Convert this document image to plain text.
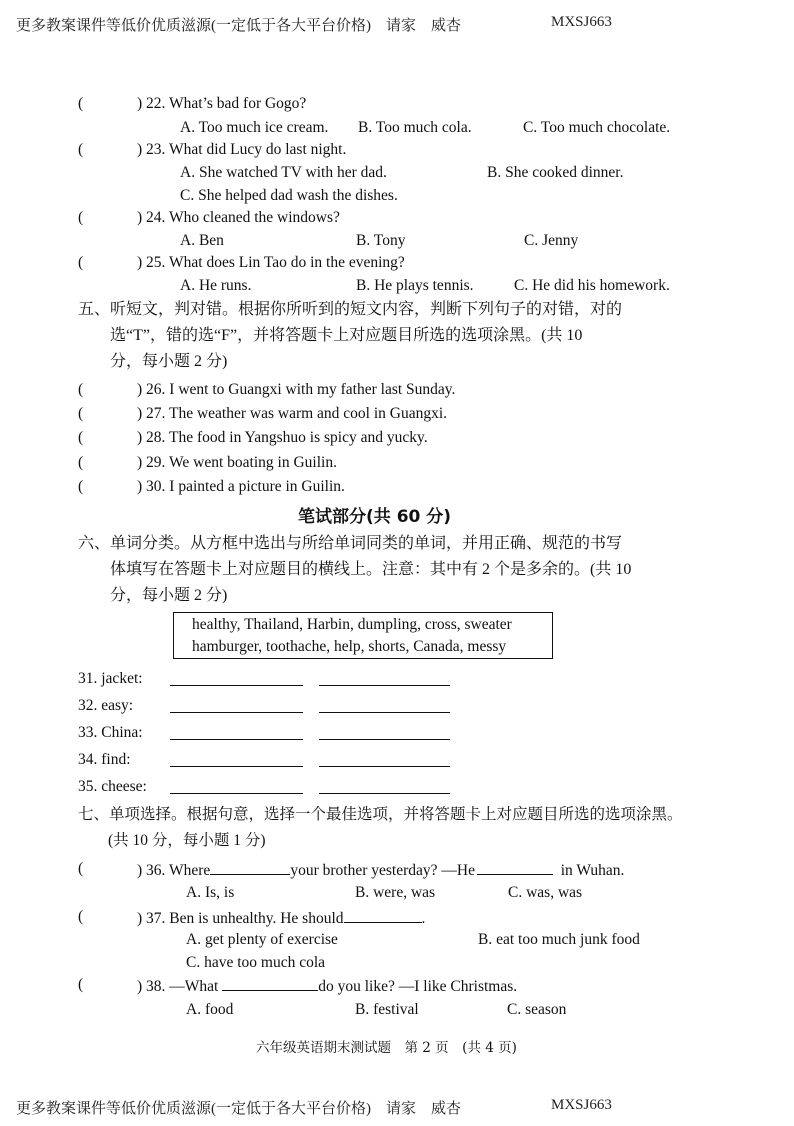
更多教案课件等低价优质滋源(一定低于各大平台价格)　请家　威杏	MXSJ663
(	) 22. What’s bad for Gogo?
A. Too much ice cream. B. Too much cola.	C. Too much chocolate.
(	) 23. What did Lucy do last night.
A. She watched TV with her dad.	B. She cooked dinner.
C. She helped dad wash the dishes.
(	) 24. Who cleaned the windows?
A. Ben	B. Tony	C. Jenny
(	) 25. What does Lin Tao do in the evening?
A. He runs.	B. He plays tennis.	C. He did his homework.
五、听短文，判对错。根据你所听到的短文内容，判断下列句子的对错，对的
选“T”，错的选“F”，并将答题卡上对应题目所选的选项涂黑。(共 10
分，每小题 2 分)
(	) 26. I went to Guangxi with my father last Sunday.
(	) 27. The weather was warm and cool in Guangxi.
(	) 28. The food in Yangshuo is spicy and yucky.
(	) 29. We went boating in Guilin.
(	) 30. I painted a picture in Guilin.
笔试部分(共 60 分)
六、单词分类。从方框中选出与所给单词同类的单词，并用正确、规范的书写
体填写在答题卡上对应题目的横线上。注意：其中有 2 个是多余的。(共 10
分，每小题 2 分)
healthy, Thailand, Harbin, dumpling, cross, sweater
hamburger, toothache, help, shorts, Canada, messy
31. jacket:
32. easy:
33. China:
34. find:
35. cheese:
七、单项选择。根据句意，选择一个最佳选项，并将答题卡上对应题目所选的选项涂黑。
(共 10 分，每小题 1 分)
(	) 36. Where	your brother yesterday? —He	in Wuhan.
A. Is, is	B. were, was	C. was, was
(	) 37. Ben is unhealthy. He should	.
A. get plenty of exercise	B. eat too much junk food
C. have too much cola
(	) 38. —What	do you like? —I like Christmas.
A. food	B. festival	C. season
六年级英语期末测试题　第 2 页　(共 4 页)
更多教案课件等低价优质滋源(一定低于各大平台价格)　请家　威杏	MXSJ663
